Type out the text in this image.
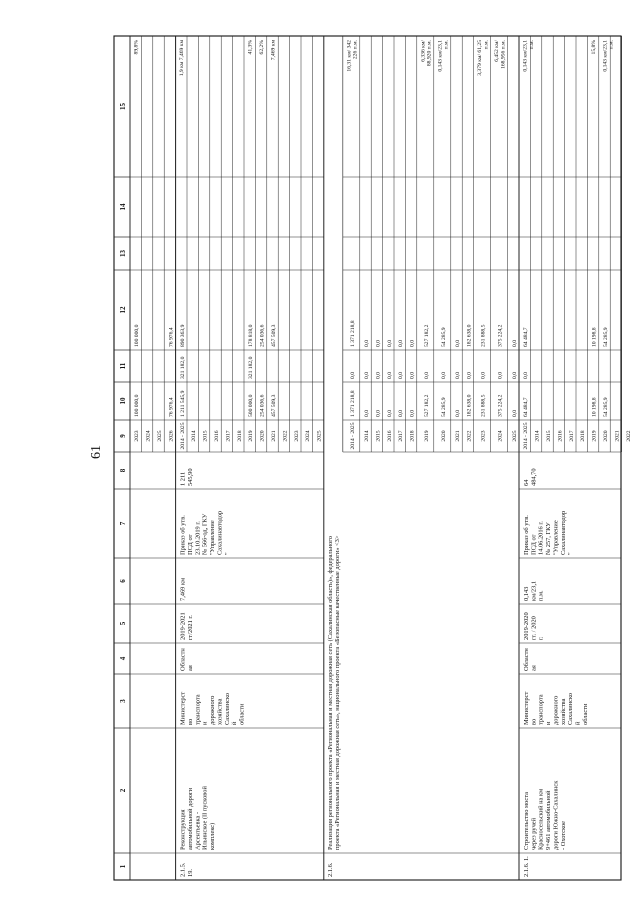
61
1
2
3
4
5
6
7
8
9
10
11
12
13
14
15
2023
100 000,0
100 000,0
89,8%
2024 2025 2026
76 976,4
76 976,4
2014 - 2025
1 211 545,9
321 182,0
890 363,9
1,9 км 7,469 км
2014 2015 2016 2017 2018 2019
500 000,0
321 182,0
178 818,0
41,3%
2020
254 036,6
254 036,6
62,2%
2021
457 509,3
457 509,3
7,469 км
2022 2023 2024 2025
2.1.5.19.
Реконструкцияавтомобильной дорогиАрсентьевка -Ильинское (II пусковойкомплекс)
МинистерствотранспортаидорожногохозяйстваСахалинскойобласти
Областная
2019-2021гг/2021 г.
7,469 км
Приказ об утв.ПСД от23.10.2019 г.№ 566-од, ГКУ"УправлениеСахалинавтодор"
1 211545,90
2014 - 2025
1 371 218,8
0,0
1 371 218,8
16,31 км/ 342226 п.м.
2014
0,0
0,0
0,0
2015
0,0
0,0
0,0
2016
0,0
0,0
0,0
2017
0,0
0,0
0,0
2018
0,0
0,0
0,0
2019
527 182,2
0,0
527 182,2
6,336 км/88,920 п.м.
2020
54 285,9
0,0
54 285,9
0,143 км/23,1п.м.
2021
0,0
0,0
0,0
2022
182 638,0
0,0
182 638,0
2023
231 888,5
0,0
231 888,5
3,379 км/ 61,25п.м.
2024
375 224,2
0,0
375 224,2
6,452 км/168,956 п.м.
2025
0,0
0,0
0,0
2.1.6.
Реализация регионального проекта «Региональная и местная дорожная сеть (Сахалинская область)», федеральногопроекта «Региональная и местная дорожная сеть», национального проекта «Безопасные качественные дороги» <3>
2014 - 2025
64 484,7
0,0
64 484,7
0,143 км/23,1п.м.
2014 2015 2016 2017 2018 2019
10 198,8
10 198,8
15,8%
2020
54 285,9
54 285,9
0,143 км/23,1п.м.
2021 2022
2.1.6. 1.
Строительство мостачерез ручейКрасносельский на км9+461 автомобильнойдороги Южно-Сахалинск- Охотское
МинистерствотранспортаидорожногохозяйстваСахалинскойобласти
Областная
2019-2020гг. / 2020г.
0,143км/23,1п.м.
Приказ об утв.ПСД от14.06.2016 г.№ 257, ГКУ"УправлениеСахалинавтодор"
64484,70
